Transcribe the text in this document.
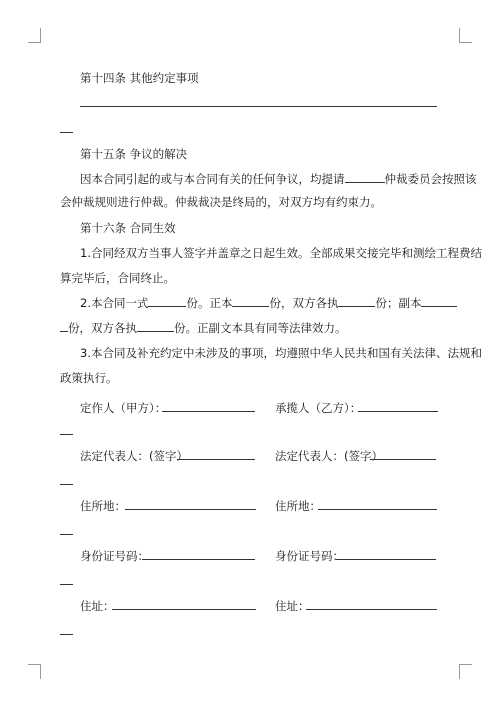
第十四条 其他约定事项
第十五条 争议的解决
因本合同引起的或与本合同有关的任何争议，均提请	仲裁委员会按照该
会仲裁规则进行仲裁。仲裁裁决是终局的，对双方均有约束力。
第十六条 合同生效
1.合同经双方当事人签字并盖章之日起生效。全部成果交接完毕和测绘工程费结
算完毕后，合同终止。
2.本合同一式	份。正本	份，双方各执	份；副本
份，双方各执	份。正副文本具有同等法律效力。
3.本合同及补充约定中未涉及的事项，均遵照中华人民共和国有关法律、法规和
政策执行。
定作人（甲方）：	承揽人（乙方）：
法定代表人：(签字）	法定代表人：(签字）
住所地：	住所地：
身份证号码：	身份证号码：
住址：	住址：
